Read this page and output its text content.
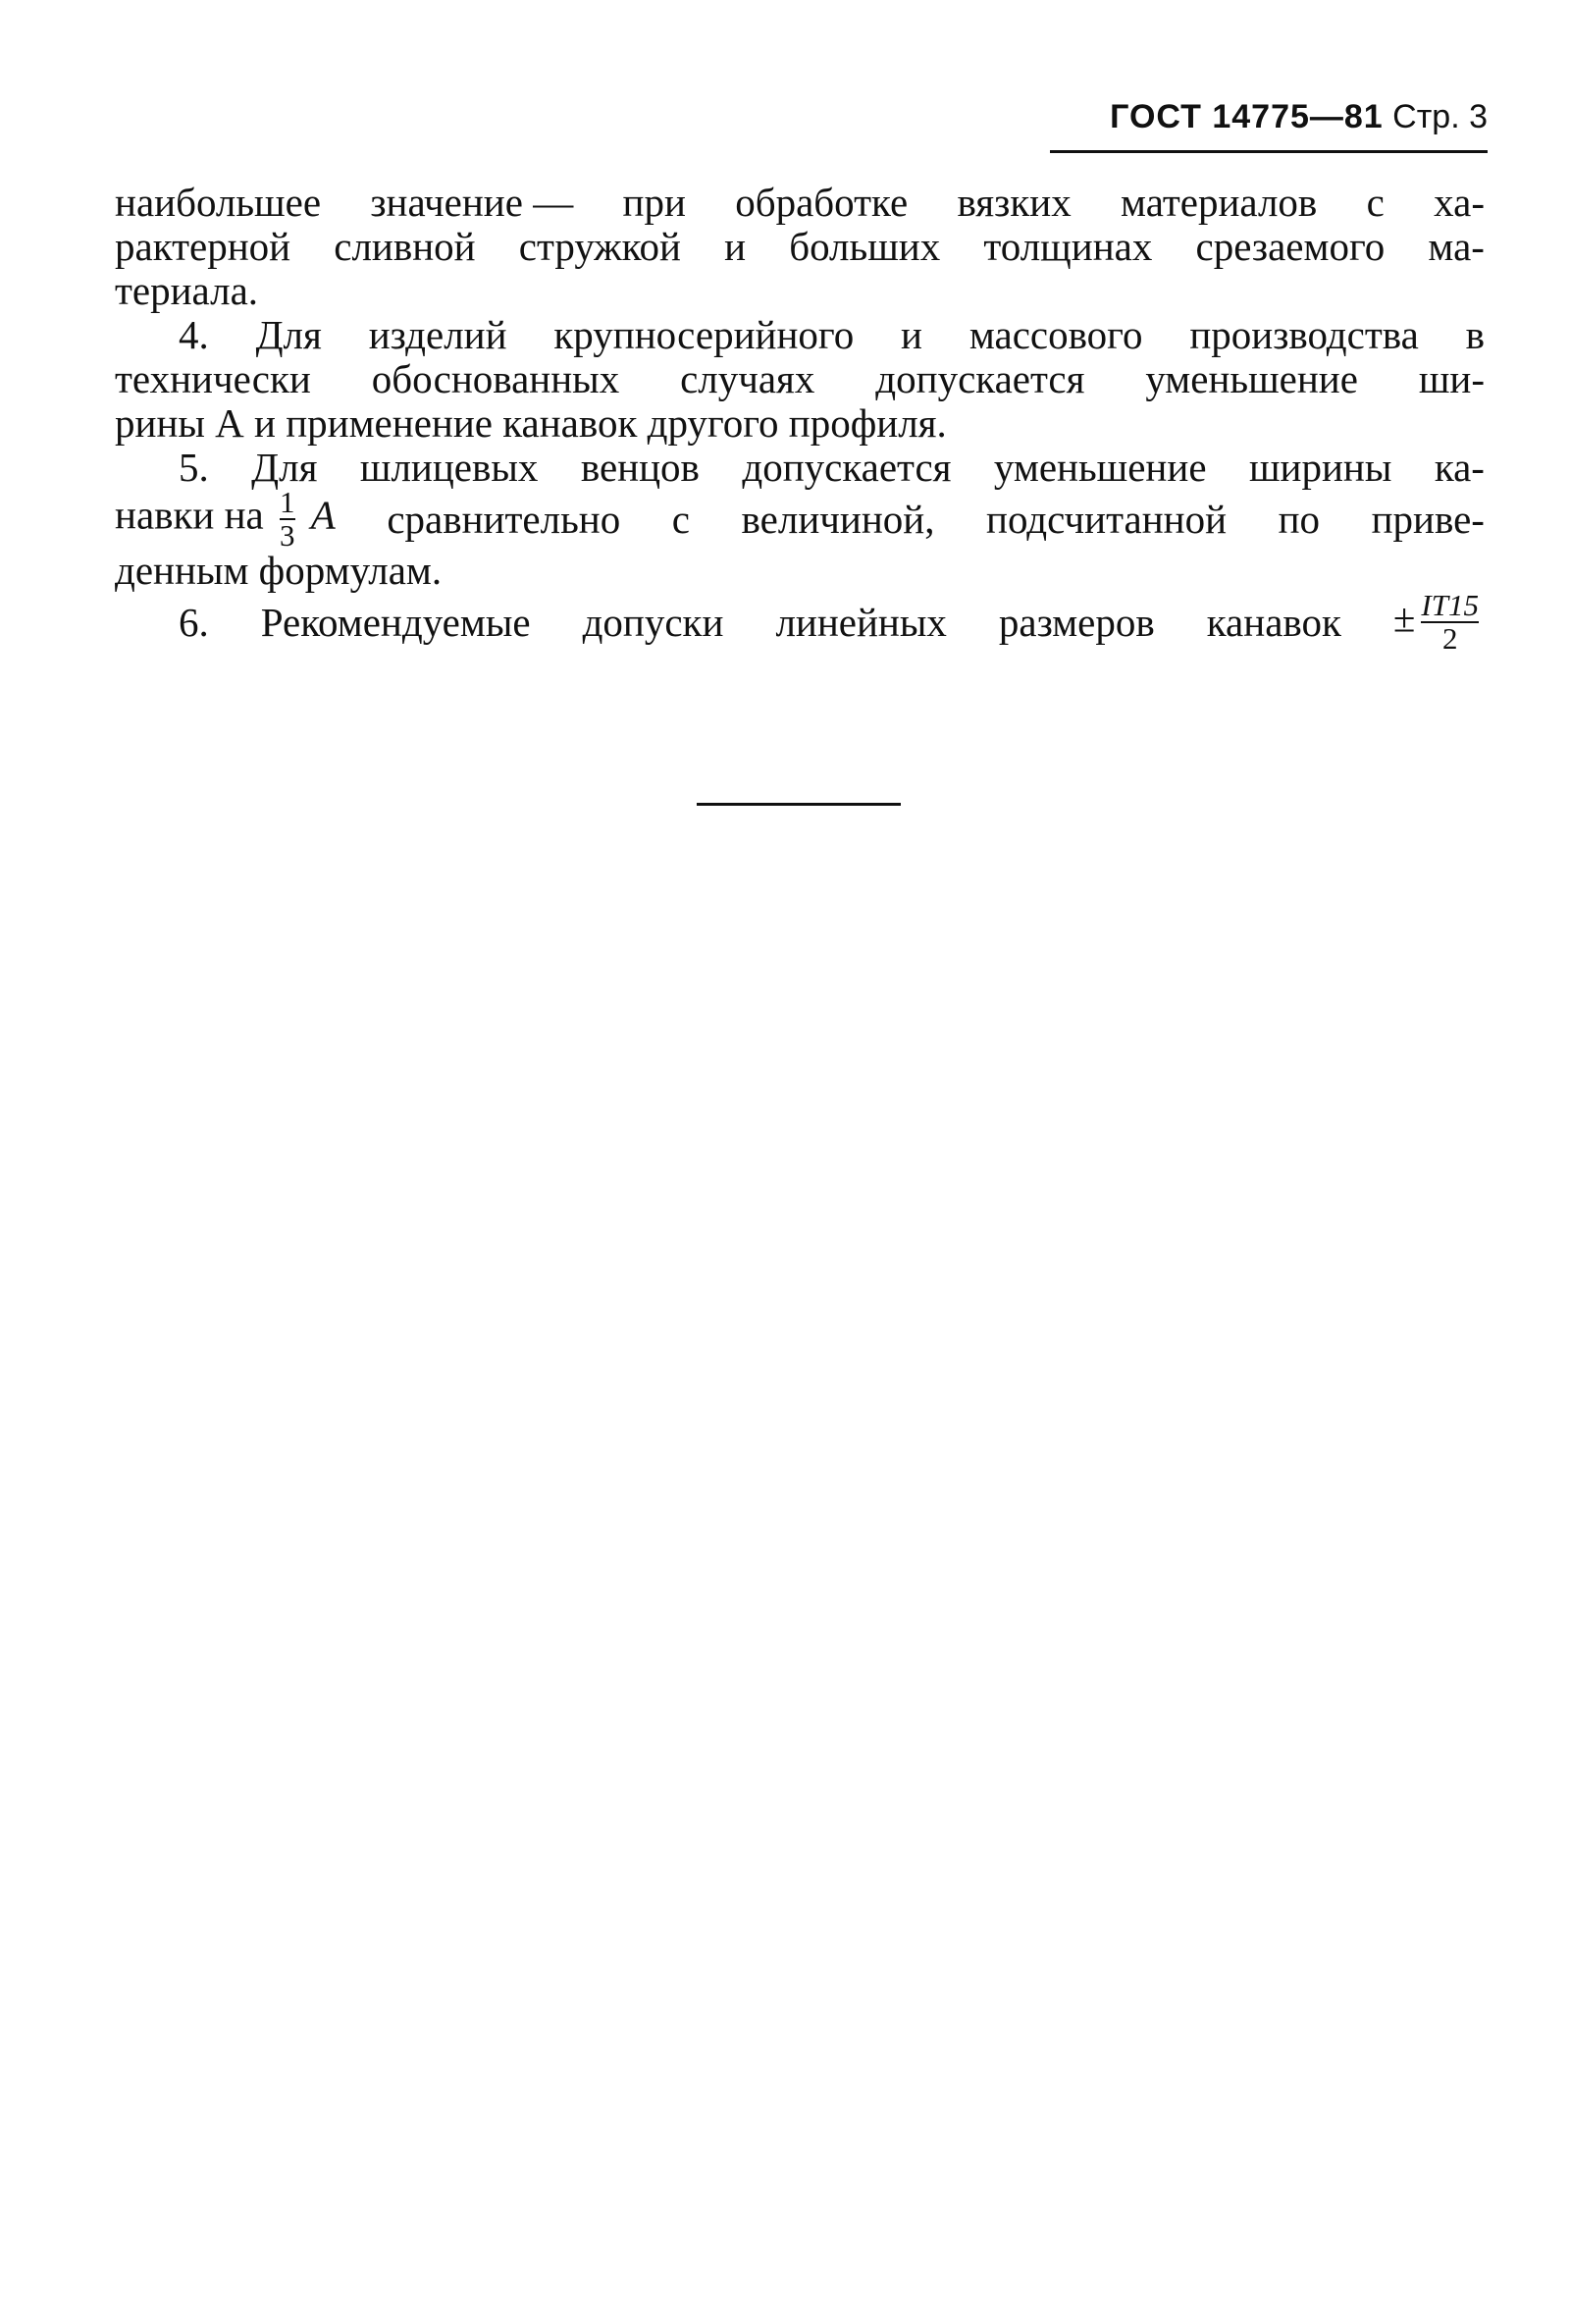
ГОСТ 14775—81 Стр. 3
наибольшее значение — при обработке вязких материалов с ха-
рактерной сливной стружкой и больших толщинах срезаемого ма-
териала.
4. Для изделий крупносерийного и массового производства в
технически обоснованных случаях допускается уменьшение ши-
рины А и применение канавок другого профиля.
5. Для шлицевых венцов допускается уменьшение ширины ка-
навки на $\frac{1}{3}$ A сравнительно с величиной, подсчитанной по приве-
денным формулам.
6. Рекомендуемые допуски линейных размеров канавок ± $\frac{IT15}{2}$
